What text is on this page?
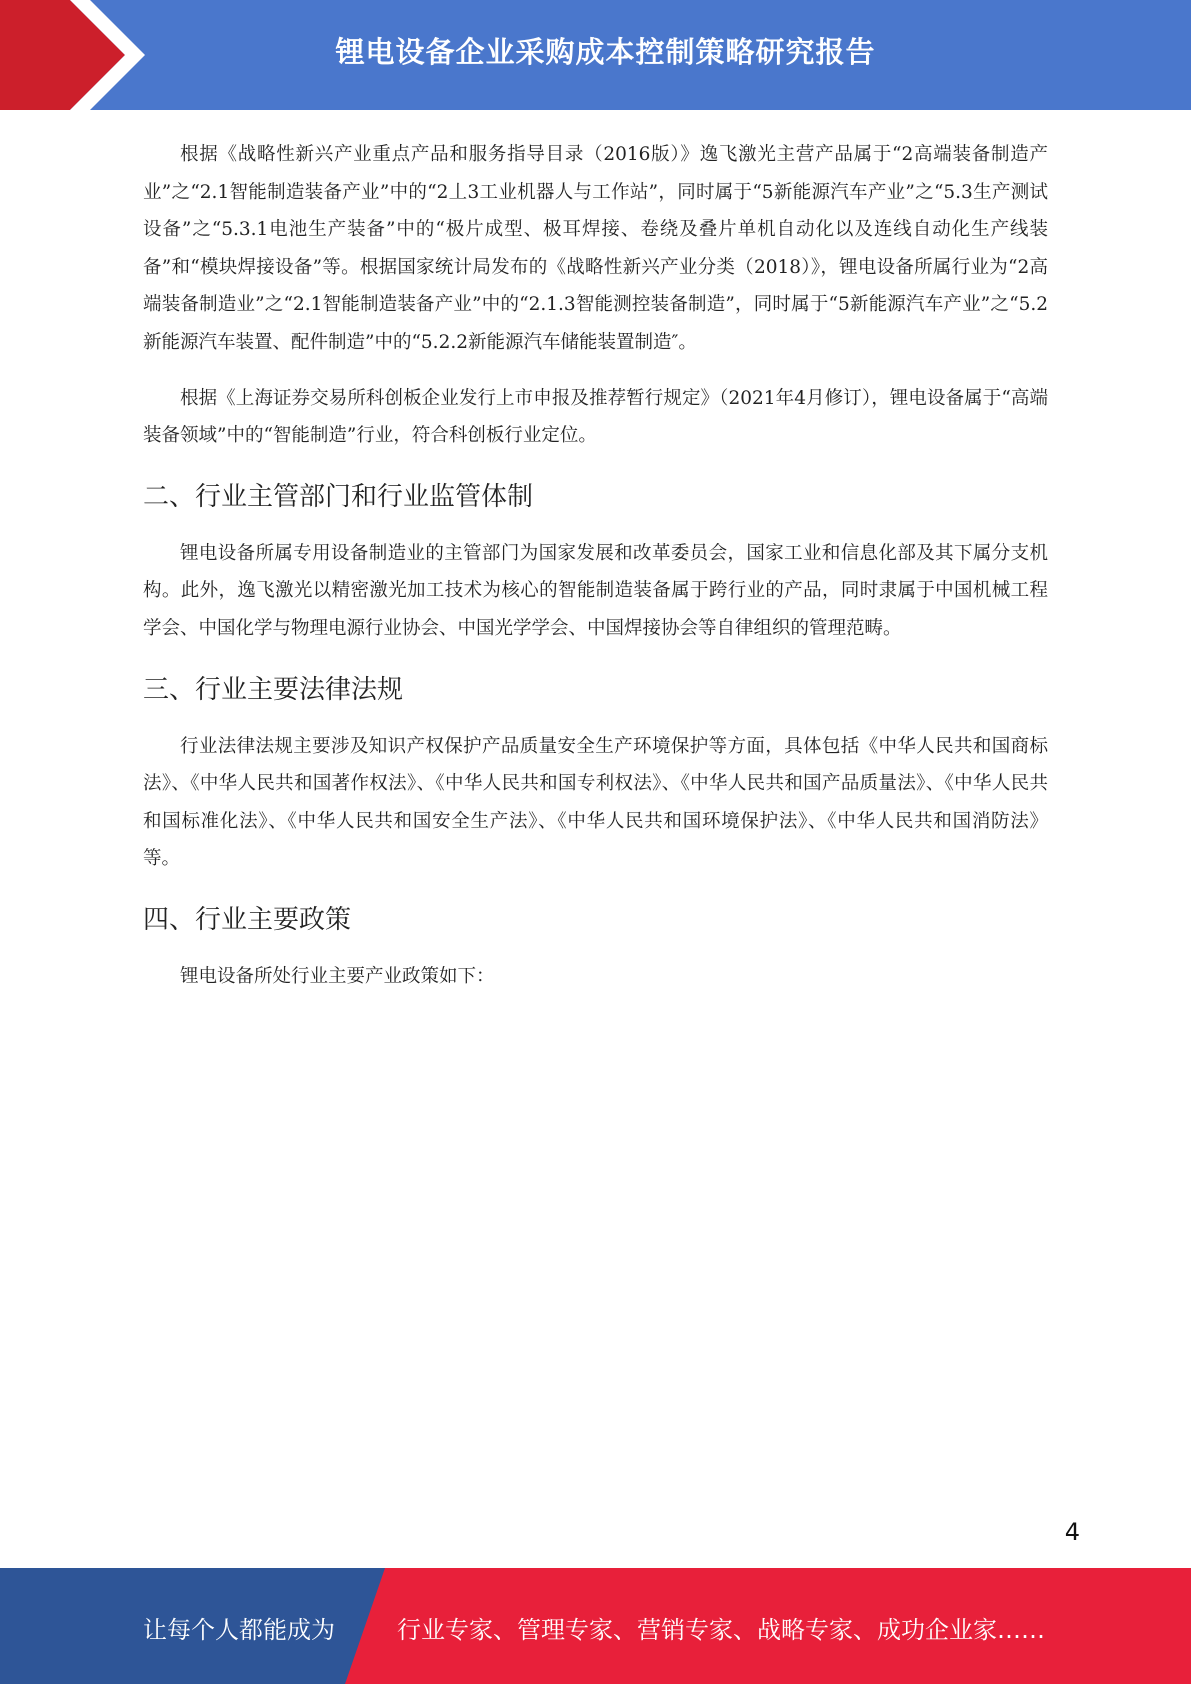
锂电设备企业采购成本控制策略研究报告

根据《战略性新兴产业重点产品和服务指导目录（2016版）》逸飞激光主营产品属于“2高端装备制造产业”之“2.1智能制造装备产业”中的“2丄3工业机器人与工作站”，同时属于“5新能源汽车产业”之“5.3生产测试设备”之“5.3.1电池生产装备”中的“极片成型、极耳焊接、卷绕及叠片单机自动化以及连线自动化生产线装备”和“模块焊接设备”等。根据国家统计局发布的《战略性新兴产业分类（2018）》，锂电设备所属行业为“2高端装备制造业”之“2.1智能制造装备产业”中的“2.1.3智能测控装备制造”，同时属于“5新能源汽车产业”之“5.2新能源汽车装置、配件制造”中的“5.2.2新能源汽车储能装置制造″。

根据《上海证券交易所科创板企业发行上市申报及推荐暂行规定》（2021年4月修订），锂电设备属于“高端装备领域”中的“智能制造”行业，符合科创板行业定位。

二、行业主管部门和行业监管体制

锂电设备所属专用设备制造业的主管部门为国家发展和改革委员会，国家工业和信息化部及其下属分支机构。此外，逸飞激光以精密激光加工技术为核心的智能制造装备属于跨行业的产品，同时隶属于中国机械工程学会、中国化学与物理电源行业协会、中国光学学会、中国焊接协会等自律组织的管理范畴。

三、行业主要法律法规

行业法律法规主要涉及知识产权保护产品质量安全生产环境保护等方面，具体包括《中华人民共和国商标法》、《中华人民共和国著作权法》、《中华人民共和国专利权法》、《中华人民共和国产品质量法》、《中华人民共和国标准化法》、《中华人民共和国安全生产法》、《中华人民共和国环境保护法》、《中华人民共和国消防法》等。

四、行业主要政策

锂电设备所处行业主要产业政策如下：

4
让每个人都能成为	行业专家、管理专家、营销专家、战略专家、成功企业家……
